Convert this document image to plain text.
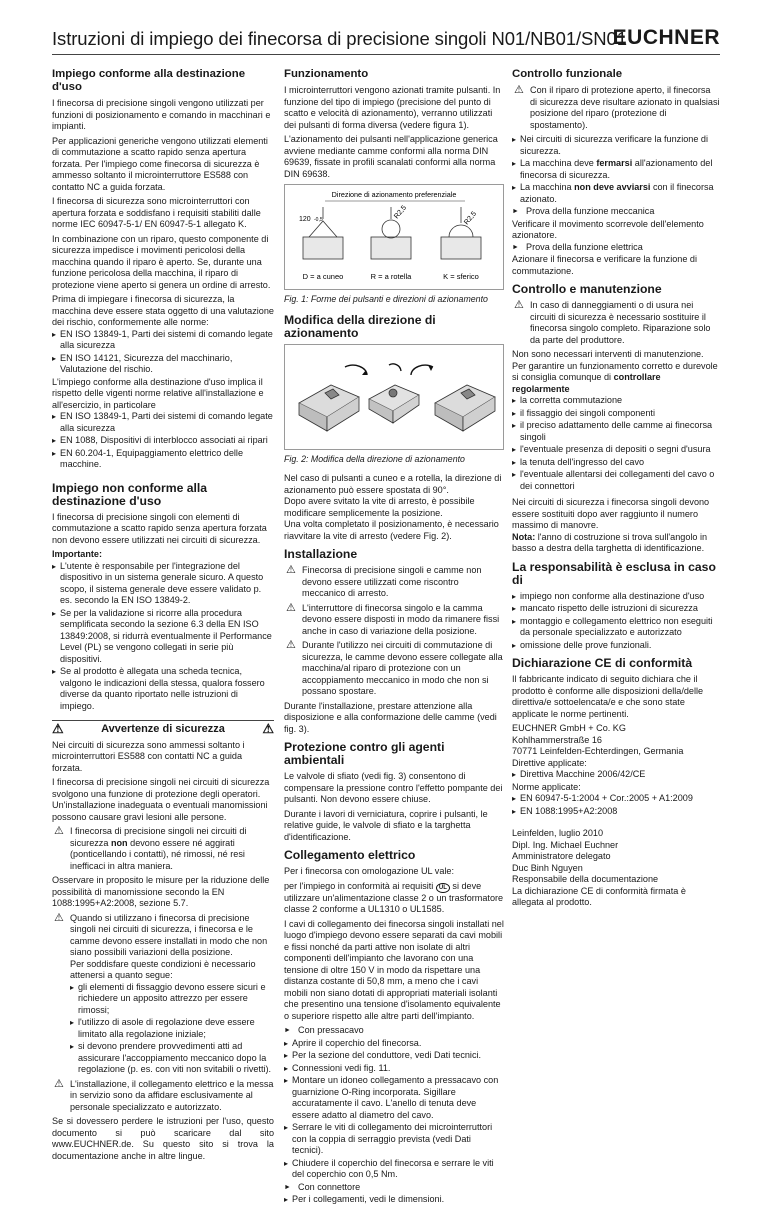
Istruzioni di impiego dei finecorsa di precisione singoli N01/NB01/SN01
EUCHNER
Impiego conforme alla destinazione d'uso

I finecorsa di precisione singoli vengono utilizzati per funzioni di posizionamento e comando in macchinari e impianti.

Per applicazioni generiche vengono utilizzati elementi di commutazione a scatto rapido senza apertura forzata. Per l'impiego come finecorsa di sicurezza è ammesso soltanto il microinterruttore ES588 con contatto NC a guida forzata.

I finecorsa di sicurezza sono microinterruttori con apertura forzata e soddisfano i requisiti stabiliti dalle norme IEC 60947-5-1/ EN 60947-5-1 allegato K.

In combinazione con un riparo, questo componente di sicurezza impedisce i movimenti pericolosi della macchina quando il riparo è aperto. Se, durante una funzione pericolosa della macchina, il riparo di protezione viene aperto si genera un ordine di arresto.

Prima di impiegare i finecorsa di sicurezza, la macchina deve essere stata oggetto di una valutazione dei rischio, conformemente alle norme:

▸ EN ISO 13849-1, Parti dei sistemi di comando legate alla sicurezza
▸ EN ISO 14121, Sicurezza del macchinario, Valutazione del rischio.

L'impiego conforme alla destinazione d'uso implica il rispetto delle vigenti norme relative all'installazione e all'esercizio, in particolare

▸ EN ISO 13849-1, Parti dei sistemi di comando legate alla sicurezza
▸ EN 1088, Dispositivi di interblocco associati ai ripari
▸ EN 60.204-1, Equipaggiamento elettrico delle macchine.
Impiego non conforme alla destinazione d'uso

I finecorsa di precisione singoli con elementi di commutazione a scatto rapido senza apertura forzata non devono essere utilizzati nei circuiti di sicurezza.

Importante:

▸ L'utente è responsabile per l'integrazione del dispositivo in un sistema generale sicuro. A questo scopo, il sistema generale deve essere validato p. es. secondo la EN ISO 13849-2.
▸ Se per la validazione si ricorre alla procedura semplificata secondo la sezione 6.3 della EN ISO 13849:2008, si ridurrà eventualmente il Performance Level (PL) se vengono collegati in serie più dispositivi.
▸ Se al prodotto è allegata una scheda tecnica, valgono le indicazioni della stessa, qualora fossero diverse da quanto riportato nelle istruzioni di impiego.
⚠	Avvertenze di sicurezza	⚠

Nei circuiti di sicurezza sono ammessi soltanto i microinterruttori ES588 con contatti NC a guida forzata.

I finecorsa di precisione singoli nei circuiti di sicurezza svolgono una funzione di protezione degli operatori. Un'installazione inadeguata o eventuali manomissioni possono causare gravi lesioni alle persone.

⚠ I finecorsa di precisione singoli nei circuiti di sicurezza non devono essere né aggirati (ponticellando i contatti), né rimossi, né resi inefficaci in altra maniera.

Osservare in proposito le misure per la riduzione delle possibilità di manomissione secondo la EN 1088:1995+A2:2008, sezione 5.7.

⚠ Quando si utilizzano i finecorsa di precisione singoli nei circuiti di sicurezza, i finecorsa e le camme devono essere installati in modo che non siano possibili variazioni della posizione.
Per soddisfare queste condizioni è necessario attenersi a quanto segue:
▸ gli elementi di fissaggio devono essere sicuri e richiedere un apposito attrezzo per essere rimossi;
▸ l'utilizzo di asole di regolazione deve essere limitato alla regolazione iniziale;
▸ si devono prendere provvedimenti atti ad assicurare l'accoppiamento meccanico dopo la regolazione (p. es. con viti non svitabili o rivetti).
⚠ L'installazione, il collegamento elettrico e la messa in servizio sono da affidare esclusivamente al personale specializzato e autorizzato.

Se si dovessero perdere le istruzioni per l'uso, questo documento si può scaricare dal sito www.EUCHNER.de. Su questo sito si trova la documentazione anche in altre lingue.

Funzionamento

I microinterruttori vengono azionati tramite pulsanti. In funzione del tipo di impiego (precisione del punto di scatto e velocità di azionamento), verranno utilizzati dei pulsanti di forma diversa (vedere figura 1).

L'azionamento dei pulsanti nell'applicazione generica avviene mediante camme conformi alla norma DIN 69639, fissate in profili scanalati conformi alla norma DIN 69638.

Direzione di azionamento preferenziale
120 -0,5	R2,5	R2,5
D = a cuneo	R = a rotella	K = sferico
Fig. 1: Forme dei pulsanti e direzioni di azionamento
Modifica della direzione di azionamento
Fig. 2: Modifica della direzione di azionamento

Nel caso di pulsanti a cuneo e a rotella, la direzione di azionamento può essere spostata di 90°.

Dopo avere svitato la vite di arresto, è possibile modificare semplicemente la posizione.

Una volta completato il posizionamento, è necessario riavvitare la vite di arresto (vedere Fig. 2).

Installazione
⚠ Finecorsa di precisione singoli e camme non devono essere utilizzati come riscontro meccanico di arresto.
⚠ L'interruttore di finecorsa singolo e la camma devono essere disposti in modo da rimanere fissi anche in caso di variazione della posizione.
⚠ Durante l'utilizzo nei circuiti di commutazione di sicurezza, le camme devono essere collegate alla macchina/al riparo di protezione con un accoppiamento meccanico in modo che non si possano spostare.

Durante l'installazione, prestare attenzione alla disposizione e alla conformazione delle camme (vedi fig. 3).

Protezione contro gli agenti ambientali

Le valvole di sfiato (vedi fig. 3) consentono di compensare la pressione contro l'effetto pompante dei pulsanti. Non devono essere chiuse.

Durante i lavori di verniciatura, coprire i pulsanti, le relative guide, le valvole di sfiato e la targhetta d'identificazione.

Collegamento elettrico

Per i finecorsa con omologazione UL vale:

per l'impiego in conformità ai requisiti UL si deve utilizzare un'alimentazione classe 2 o un trasformatore classe 2 conforme a UL1310 o UL1585.

I cavi di collegamento dei finecorsa singoli installati nel luogo d'impiego devono essere separati da cavi mobili e fissi nonché da parti attive non isolate di altri componenti dell'impianto che lavorano con una tensione di oltre 150 V in modo da rispettare una distanza costante di 50,8 mm, a meno che i cavi mobili non siano dotati di appropriati materiali isolanti che presentino una tensione d'isolamento equivalente o superiore rispetto alle altre parti dell'impianto.

► Con pressacavo
▸ Aprire il coperchio del finecorsa.
▸ Per la sezione del conduttore, vedi Dati tecnici.
▸ Connessioni vedi fig. 11.
▸ Montare un idoneo collegamento a pressacavo con guarnizione O-Ring incorporata. Sigillare accuratamente il cavo. L'anello di tenuta deve essere adatto al diametro del cavo.
▸ Serrare le viti di collegamento dei microinterruttori con la coppia di serraggio prevista (vedi Dati tecnici).
▸ Chiudere il coperchio del finecorsa e serrare le viti del coperchio con 0,5 Nm.
► Con connettore
▸ Per i collegamenti, vedi le dimensioni.
Controllo funzionale
⚠ Con il riparo di protezione aperto, il finecorsa di sicurezza deve risultare azionato in qualsiasi posizione del riparo (protezione di spostamento).
▸ Nei circuiti di sicurezza verificare la funzione di sicurezza.
▸ La macchina deve fermarsi all'azionamento del finecorsa di sicurezza.
▸ La macchina non deve avviarsi con il finecorsa azionato.
► Prova della funzione meccanica

Verificare il movimento scorrevole dell'elemento azionatore.

► Prova della funzione elettrica

Azionare il finecorsa e verificare la funzione di commutazione.

Controllo e manutenzione
⚠ In caso di danneggiamenti o di usura nei circuiti di sicurezza è necessario sostituire il finecorsa singolo completo. Riparazione solo da parte del produttore.

Non sono necessari interventi di manutenzione. Per garantire un funzionamento corretto e durevole si consiglia comunque di controllare regolarmente

▸ la corretta commutazione
▸ il fissaggio dei singoli componenti
▸ il preciso adattamento delle camme ai finecorsa singoli
▸ l'eventuale presenza di depositi o segni d'usura
▸ la tenuta dell'ingresso del cavo
▸ l'eventuale allentarsi dei collegamenti del cavo o dei connettori

Nei circuiti di sicurezza i finecorsa singoli devono essere sostituiti dopo aver raggiunto il numero massimo di manovre.

Nota: l'anno di costruzione si trova sull'angolo in basso a destra della targhetta di identificazione.

La responsabilità è esclusa in caso di
▸ impiego non conforme alla destinazione d'uso
▸ mancato rispetto delle istruzioni di sicurezza
▸ montaggio e collegamento elettrico non eseguiti da personale specializzato e autorizzato
▸ omissione delle prove funzionali.
Dichiarazione CE di conformità

Il fabbricante indicato di seguito dichiara che il prodotto è conforme alle disposizioni della/delle direttiva/e sottoelencata/e e che sono state applicate le norme pertinenti.

EUCHNER GmbH + Co. KG

Kohlhammerstraße 16

70771 Leinfelden-Echterdingen, Germania

Direttive applicate:

▸ Direttiva Macchine 2006/42/CE

Norme applicate:

▸ EN 60947-5-1:2004 + Cor.:2005 + A1:2009
▸ EN 1088:1995+A2:2008

Leinfelden, luglio 2010

Dipl. Ing. Michael Euchner

Amministratore delegato

Duc Binh Nguyen

Responsabile della documentazione

La dichiarazione CE di conformità firmata è allegata al prodotto.
